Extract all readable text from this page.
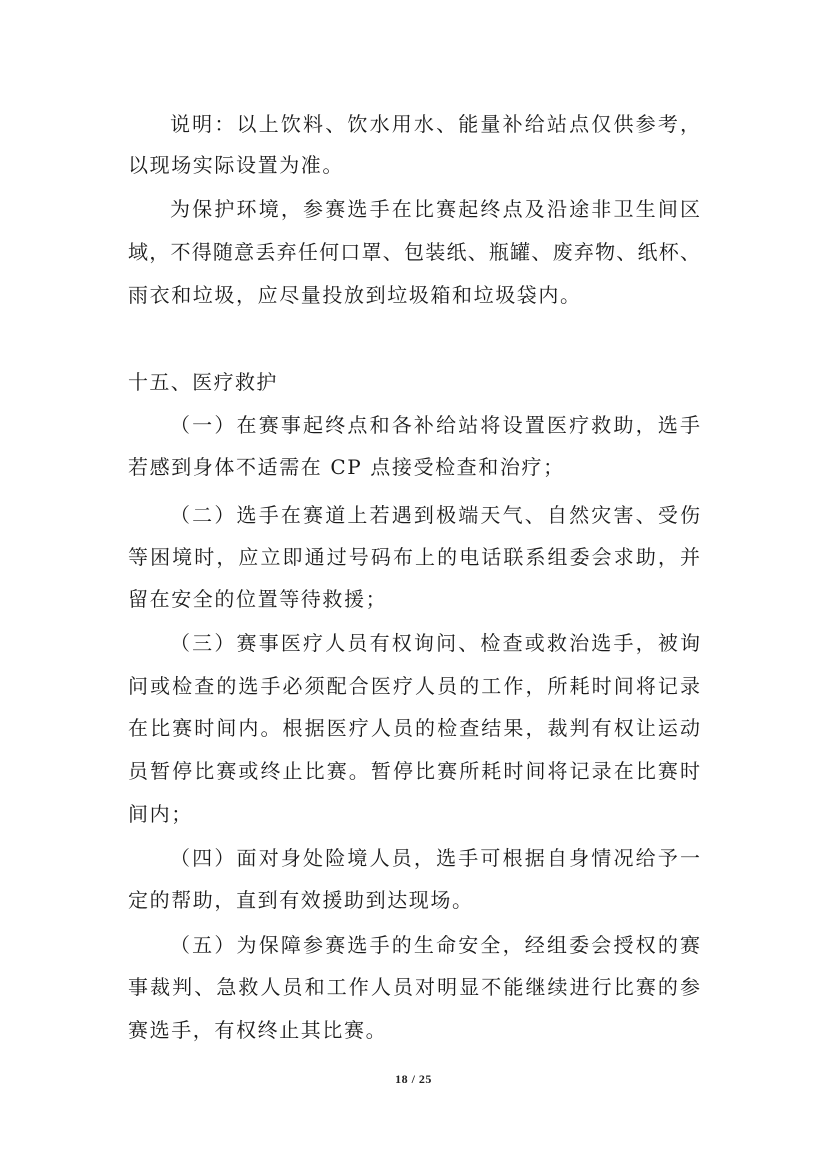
说明：以上饮料、饮水用水、能量补给站点仅供参考，
以现场实际设置为准。
为保护环境，参赛选手在比赛起终点及沿途非卫生间区
域，不得随意丢弃任何口罩、包装纸、瓶罐、废弃物、纸杯、
雨衣和垃圾，应尽量投放到垃圾箱和垃圾袋内。
十五、医疗救护
（一）在赛事起终点和各补给站将设置医疗救助，选手
若感到身体不适需在 CP 点接受检查和治疗；
（二）选手在赛道上若遇到极端天气、自然灾害、受伤
等困境时，应立即通过号码布上的电话联系组委会求助，并
留在安全的位置等待救援；
（三）赛事医疗人员有权询问、检查或救治选手，被询
问或检查的选手必须配合医疗人员的工作，所耗时间将记录
在比赛时间内。根据医疗人员的检查结果，裁判有权让运动
员暂停比赛或终止比赛。暂停比赛所耗时间将记录在比赛时
间内；
（四）面对身处险境人员，选手可根据自身情况给予一
定的帮助，直到有效援助到达现场。
（五）为保障参赛选手的生命安全，经组委会授权的赛
事裁判、急救人员和工作人员对明显不能继续进行比赛的参
赛选手，有权终止其比赛。
18 / 25
